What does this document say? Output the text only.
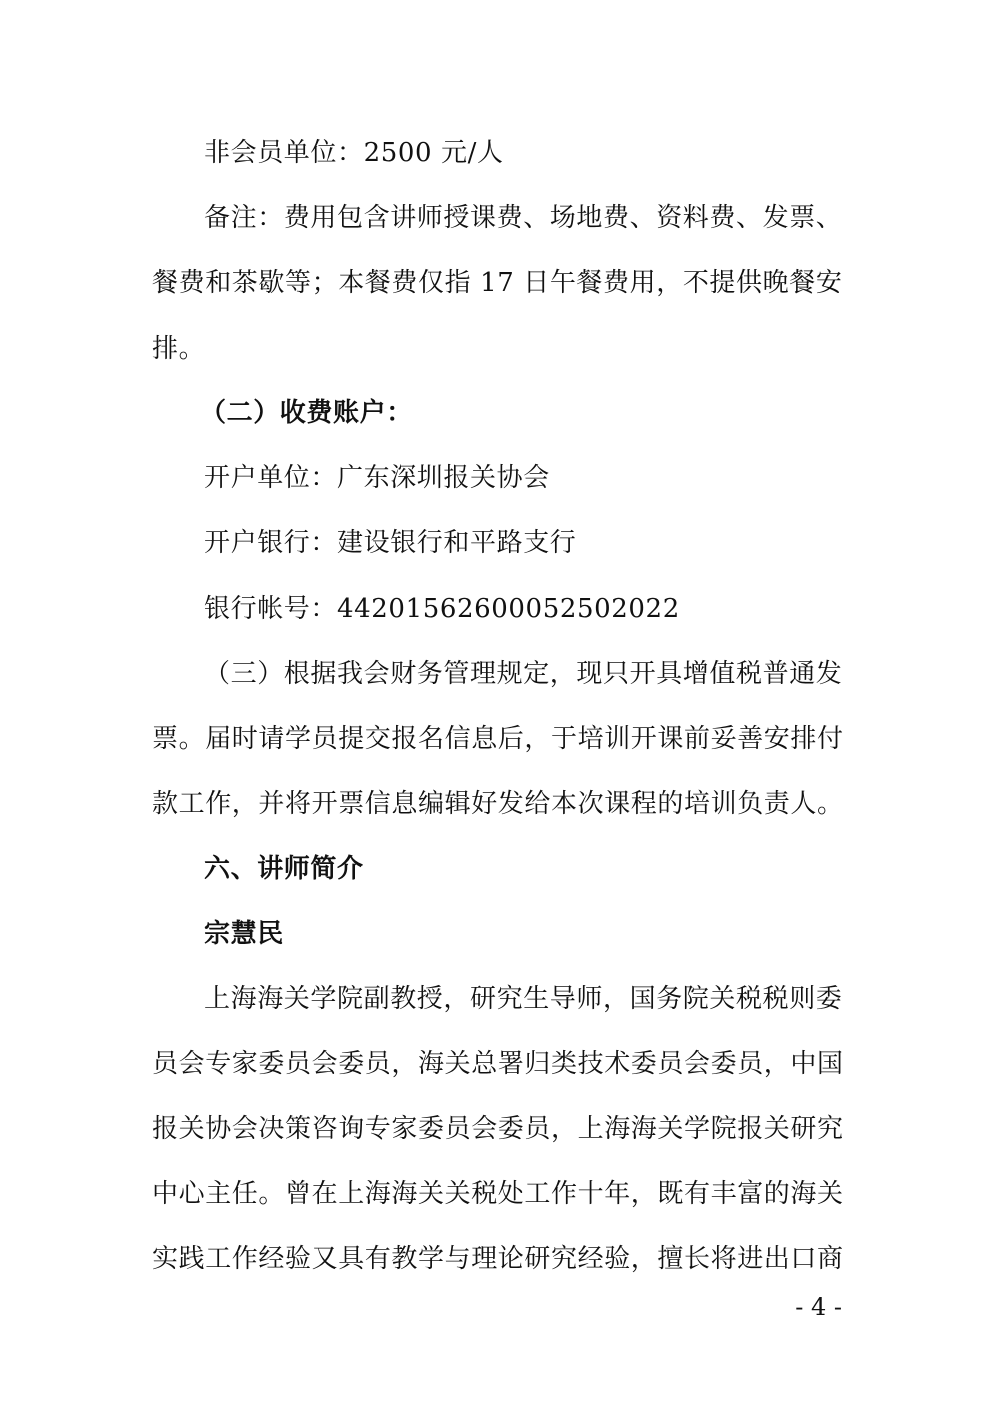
非会员单位：2500 元/人
备注：费用包含讲师授课费、场地费、资料费、发票、
餐费和茶歇等；本餐费仅指 17 日午餐费用，不提供晚餐安
排。
（二）收费账户：
开户单位：广东深圳报关协会
开户银行：建设银行和平路支行
银行帐号：44201562600052502022
（三）根据我会财务管理规定，现只开具增值税普通发
票。届时请学员提交报名信息后，于培训开课前妥善安排付
款工作，并将开票信息编辑好发给本次课程的培训负责人。
六、讲师简介
宗慧民
上海海关学院副教授，研究生导师，国务院关税税则委
员会专家委员会委员，海关总署归类技术委员会委员，中国
报关协会决策咨询专家委员会委员，上海海关学院报关研究
中心主任。曾在上海海关关税处工作十年，既有丰富的海关
实践工作经验又具有教学与理论研究经验，擅长将进出口商
- 4 -
